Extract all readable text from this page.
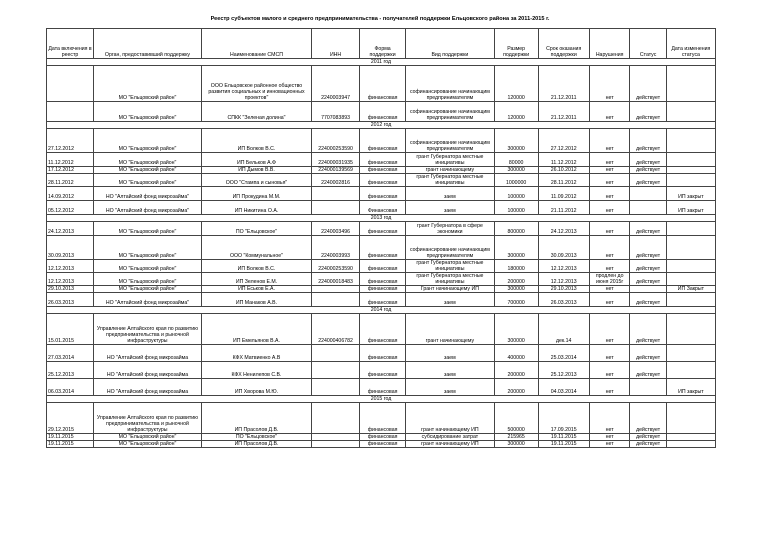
Реестр субъектов малого и среднего предпринимательства - получателей поддержки Ельцовского района за 2011-2015 г.
Дата включения в реестр	Орган, предоставивший поддержку	Наименование СМСП	ИНН	Форма поддержки	Вид поддержки	Размер поддержки	Срок оказания поддержки	Нарушения	Статус	Дата изменения статуса
2011 год										
	МО "Ельцовский район"	ООО Ельцовское районное общество развития социальных и инновационных проектов"	2240003947	финансовая	софинансирование начинающим предпринимателям	120000	21.12.2011	нет	действует	
	МО "Ельцовский район"	СПКК "Зеленая долина"	7707083893	финансовая	софинансирование начинающим предпринимателям	120000	21.12.2011	нет	действует	
2012 год										
27.12.2012	МО "Ельцовский район"	ИП Волков В.С.	224000253590	финансовая	софинансирование начинающим предпринимателям	300000	27.12.2012	нет	действует	
11.12.2012	МО "Ельцовский район"	ИП Бельков А.Ф	224000031935	финансовая	грант Губернатора местные инициативы	80000	11.12.2012	нет	действует	
17.12.2012	МО "Ельцовский район"	ИП Дымов В.В.	224000139569	финансовая	грант начинающему	300000	26.10.2012	нет	действует	
28.11.2012	МО "Ельцовский район"	ООО "Стампа и сыновья"	2240002816	финансовая	грант Губернатора местные инициативы	1000000	28.11.2012	нет	действует	
14.09.2012	НО "Алтайский фонд микрозайма"	ИП Прокудина М.М.		финансовая	заем	100000	11.09.2012	нет		ИП закрыт
05.12.2012	НО "Алтайский фонд микрозайма"	ИП Никитина О.А.		Финансовая	заем	100000	21.11.2012	нет		ИП закрыт
2013 год										
24.12.2013	МО "Ельцовский район"	ПО "Ельцовское"	2240003496	финансовая	грант Губернатора в сфере экономики	800000	24.12.2013	нет	действует	
30.09.2013	МО "Ельцовский район"	ООО "Коммунальное"	2240003993	финансовая	софинансирование начинающим предпринимателям	300000	30.09.2013	нет	действует	
12.12.2013	МО "Ельцовский район"	ИП Волков В.С.	224000253590	финансовая	грант Губернатора местные инициативы	180000	12.12.2013	нет	действует	
12.12.2013	МО "Ельцовский район"	ИП Зеленов Е.М.	224000018483	финансовая	грант Губернатора местные инициативы	200000	12.12.2013	продлен до июня 2015г	действует	
29.10.2013	МО "Ельцовский район"	ИП Еськов Е.А.		финансовая	Грант начинающему ИП	300000	29.10.2013	нет		ИП Закрыт
26.03.2013	НО "Алтайский фонд микрозайма"	ИП Манаков А.В.		финансовая	заем	700000	26.03.2013	нет	действует	
2014 год										
15.01.2015	Управление Алтайского края по развитию предпринимательства и рыночной инфраструктуры	ИП Емельянов В.А.	224000406782	финансовая	грант начинающему	300000	дек.14	нет	действует	
27.03.2014	НО "Алтайский фонд микрозайма	КФХ Матвиенко А.В		финансовая	заем	400000	25.03.2014	нет	действует	
25.12.2013	НО "Алтайский фонд микрозайма	КФХ Ненилепов С.В.		финансовая	заем	200000	25.12.2013	нет	действует	
06.03.2014	НО "Алтайский фонд микрозайма	ИП Хворова М.Ю.		финансовая	заем	200000	04.03.2014	нет		ИП закрыт
2015 год										
29.12.2015	Управление Алтайского края по развитию предпринимательства и рыночной инфраструктуры	ИП Прасолов Д.В.		финансовая	грант начинающему ИП	500000	17.09.2015	нет	действует	
19.11.2015	МО "Ельцовский район"	ПО "Ельцовское"		финансовая	субсидирование затрат	215965	19.11.2015	нет	действует	
19.11.2015	МО "Ельцовский район"	ИП Прасолов Д.В.		финансовая	грант начинающему ИП	300000	19.11.2015	нет	действует	
